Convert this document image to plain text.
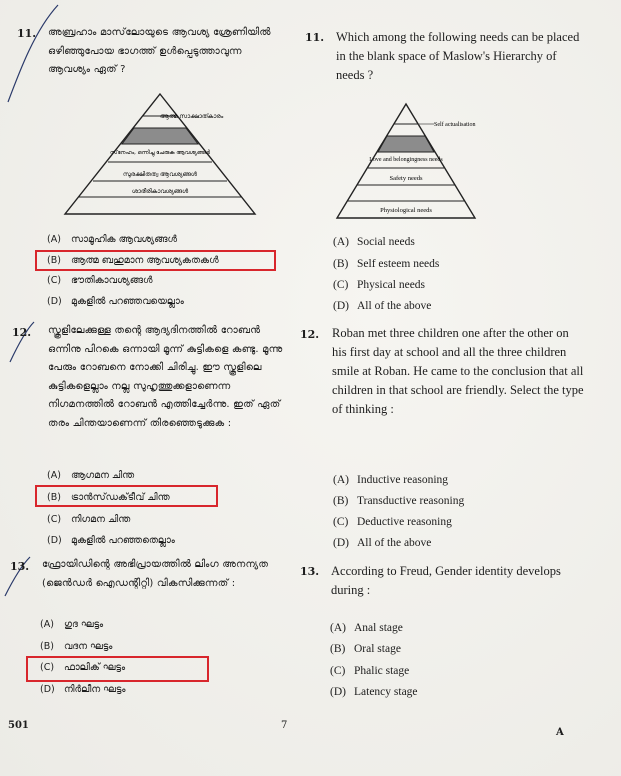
11. അബ്രഹാം മാസ്‌ലോയുടെ ആവശ്യ ശ്രേണിയിൽ ഒഴിഞ്ഞുപോയ ഭാഗത്ത് ഉൾപ്പെടുത്താവുന്ന ആവശ്യം ഏത് ?
ആത്മ സാക്ഷാത്കാരം
സ്‌നേഹം, ഒന്നിച്ചു ചേരുക ആവശ്യങ്ങൾ
സുരക്ഷിതത്വ ആവശ്യങ്ങൾ
ശാരീരികാവശ്യങ്ങൾ
(A) സാമൂഹിക ആവശ്യങ്ങൾ
(B) ആത്മ ബഹുമാന ആവശ്യകതകൾ
(C) ഭൗതികാവശ്യങ്ങൾ
(D) മുകളിൽ പറഞ്ഞവയെല്ലാം
12. സ്കൂളിലേക്കുള്ള തന്റെ ആദ്യദിനത്തിൽ റോബൻ ഒന്നിനു പിറകെ ഒന്നായി മൂന്ന് കുട്ടികളെ കണ്ടു. മൂന്നു പേരും റോബനെ നോക്കി ചിരിച്ചു. ഈ സ്കൂളിലെ കുട്ടികളെല്ലാം നല്ല സുഹൃത്തുക്കളാണെന്ന നിഗമനത്തിൽ റോബൻ എത്തിച്ചേർന്നു. ഇത് ഏത് തരം ചിന്തയാണെന്ന് തിരഞ്ഞെടുക്കുക :
(A) ആഗമന ചിന്ത
(B) ട്രാൻസ്‌ഡക്‌ടീവ് ചിന്ത
(C) നിഗമന ചിന്ത
(D) മുകളിൽ പറഞ്ഞതെല്ലാം
13. ഫ്രോയിഡിന്റെ അഭിപ്രായത്തിൽ ലിംഗ അനന്യത (ജെൻഡർ ഐഡന്റിറ്റി) വികസിക്കുന്നത് :
(A) ഗുദ ഘട്ടം
(B) വദന ഘട്ടം
(C) ഫാലിക് ഘട്ടം
(D) നിർലീന ഘട്ടം
11. Which among the following needs can be placed in the blank space of Maslow's Hierarchy of needs ?
Self actualisation
Love and belongingness needs
Safety needs
Physiological needs
(A) Social needs
(B) Self esteem needs
(C) Physical needs
(D) All of the above
12. Roban met three children one after the other on his first day at school and all the three children smile at Roban. He came to the conclusion that all children in that school are friendly. Select the type of thinking :
(A) Inductive reasoning
(B) Transductive reasoning
(C) Deductive reasoning
(D) All of the above
13. According to Freud, Gender identity develops during :
(A) Anal stage
(B) Oral stage
(C) Phalic stage
(D) Latency stage
501	7
A
